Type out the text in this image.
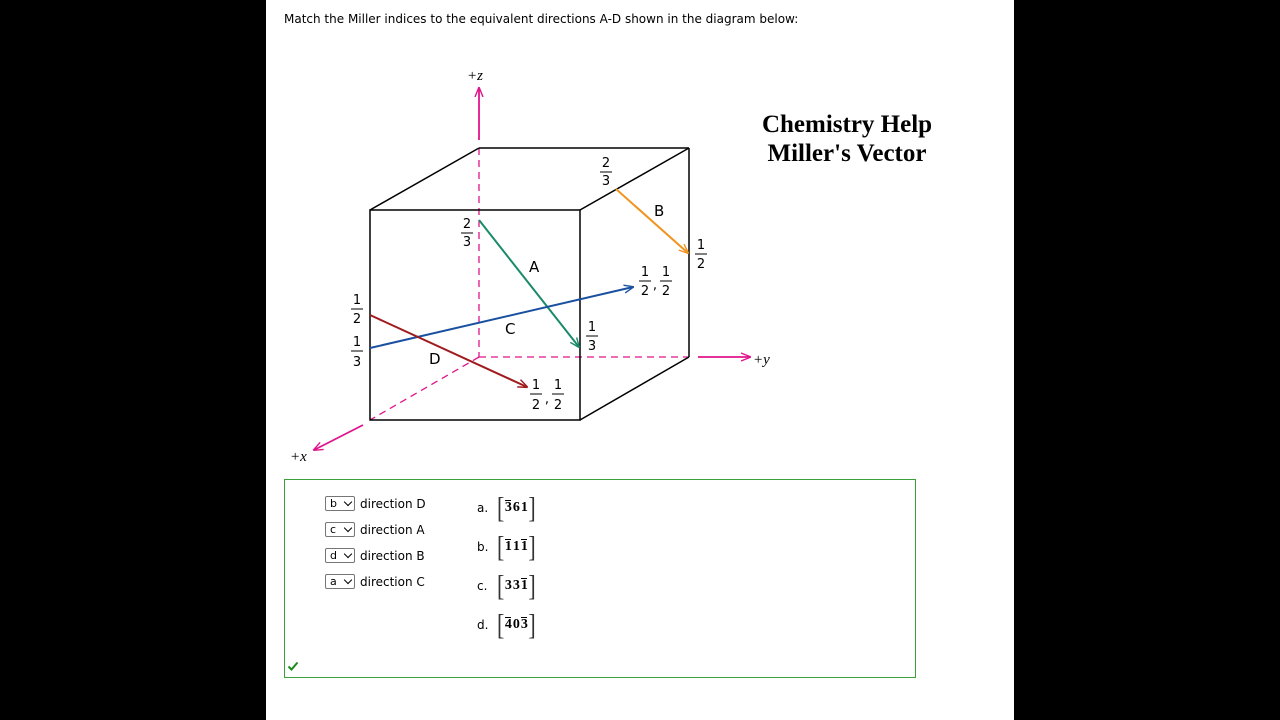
Match the Miller indices to the equivalent directions A-D shown in the diagram below:
+z
+y
+x
A
B
C
D
2
3
1
2
2
3
1
3
1
2 ,
1
2
1
2
1
3
1
2 ,
1
2
Chemistry Help
Miller's Vector
b direction D
c direction A
d direction B
a direction C
a. [ 3 6 1 ]
b. [ 1 1 1 ]
c. [ 3 3 1 ]
d. [ 4 0 3 ]
